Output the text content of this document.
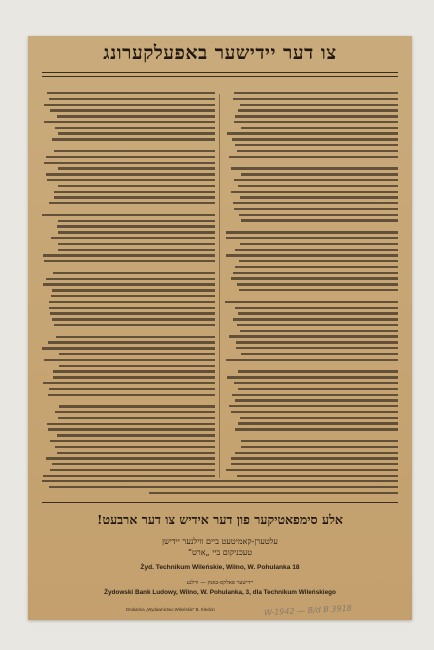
צו דער יידישער באפעלקערונג
אלע סימפאטיקער פון דער אידיש צו דער ארבעט!
עלטערן-קאמיטעט ביים ווילנער יידישן
טעכניקום ביי „ארט“
Żyd. Technikum Wileńskie, Wilno, W. Pohulanka 18
יידישער פאלקס-באנק — ווילנע
Żydowski Bank Ludowy, Wilno, W. Pohulanka, 3, dla Technikum Wileńskiego
Drukarnia „Wydawnictwo Wileńskie“ B. Kleckin	W-1942 — B/d B 3918
